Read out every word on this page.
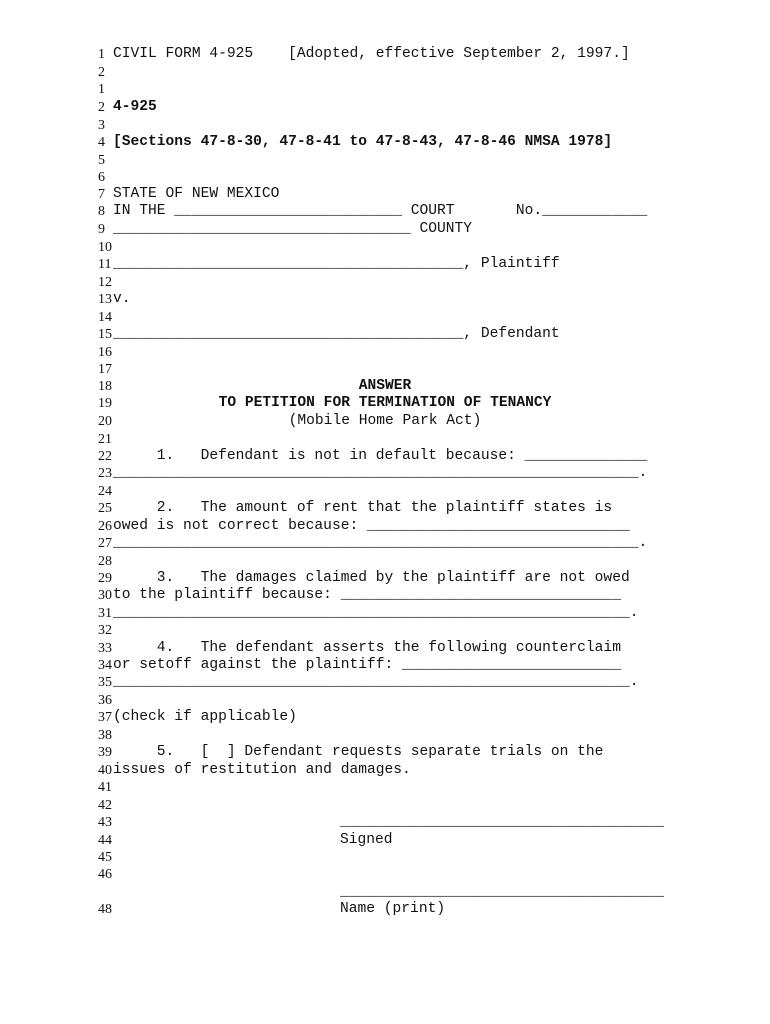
1
2
1
2
3
4
5
6
7
8
9
10
11
12
13
14
15
16
17
18
19
20
21
22
23
24
25
26
27
28
29
30
31
32
33
34
35
36
37
38
39
40
41
42
43
44
45
46
CIVIL FORM 4-925    [Adopted, effective September 2, 1997.]
4-925
[Sections 47-8-30, 47-8-41 to 47-8-43, 47-8-46 NMSA 1978]
STATE OF NEW MEXICO
IN THE __________________________ COURT       No.____________
__________________________________ COUNTY
________________________________________, Plaintiff
v.
________________________________________, Defendant
ANSWER
TO PETITION FOR TERMINATION OF TENANCY
(Mobile Home Park Act)
1.   Defendant is not in default because: ______________
____________________________________________________________.
2.   The amount of rent that the plaintiff states is
owed is not correct because: ______________________________
____________________________________________________________.
3.   The damages claimed by the plaintiff are not owed
to the plaintiff because: ________________________________
___________________________________________________________.
4.   The defendant asserts the following counterclaim
or setoff against the plaintiff: _________________________
___________________________________________________________.
(check if applicable)
5.   [  ] Defendant requests separate trials on the
issues of restitution and damages.
_____________________________________
Signed
_____________________________________
Name (print)
48
